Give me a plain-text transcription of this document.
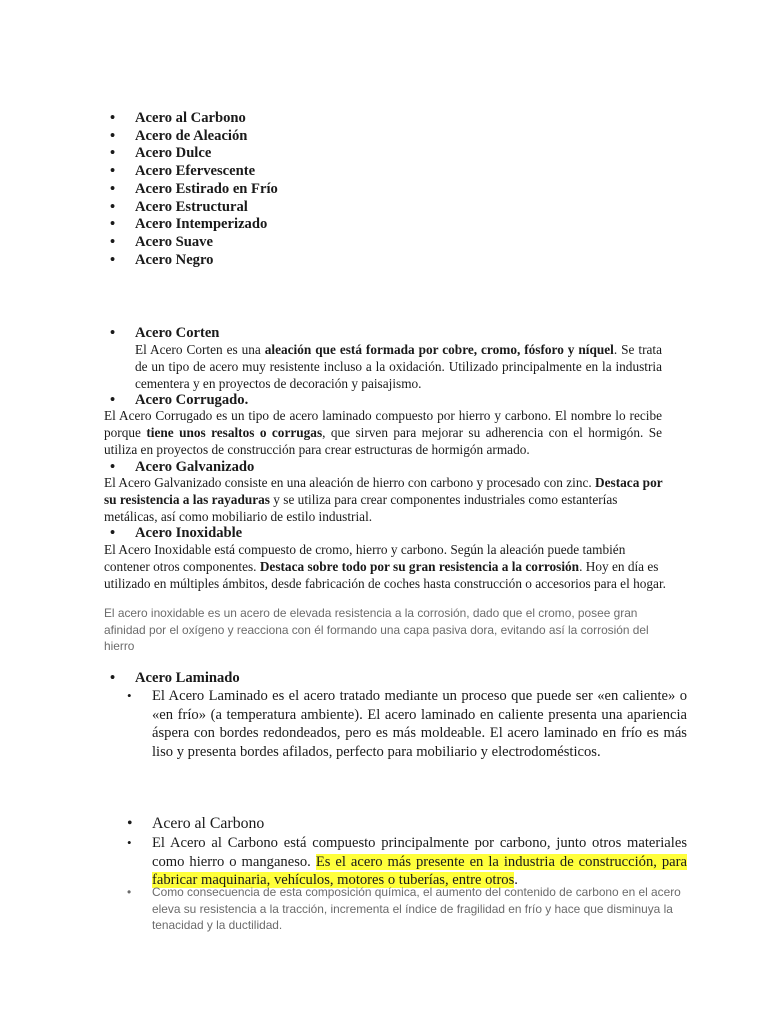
• Acero al Carbono
• Acero de Aleación
• Acero Dulce
• Acero Efervescente
• Acero Estirado en Frío
• Acero Estructural
• Acero Intemperizado
• Acero Suave
• Acero Negro
• Acero Corten

El Acero Corten es una aleación que está formada por cobre, cromo, fósforo y níquel. Se trata de un tipo de acero muy resistente incluso a la oxidación. Utilizado principalmente en la industria cementera y en proyectos de decoración y paisajismo.

• Acero Corrugado.

El Acero Corrugado es un tipo de acero laminado compuesto por hierro y carbono. El nombre lo recibe porque tiene unos resaltos o corrugas, que sirven para mejorar su adherencia con el hormigón. Se utiliza en proyectos de construcción para crear estructuras de hormigón armado.

• Acero Galvanizado

El Acero Galvanizado consiste en una aleación de hierro con carbono y procesado con zinc. Destaca por su resistencia a las rayaduras y se utiliza para crear componentes industriales como estanterías metálicas, así como mobiliario de estilo industrial.

• Acero Inoxidable

El Acero Inoxidable está compuesto de cromo, hierro y carbono. Según la aleación puede también contener otros componentes. Destaca sobre todo por su gran resistencia a la corrosión. Hoy en día es utilizado en múltiples ámbitos, desde fabricación de coches hasta construcción o accesorios para el hogar.

El acero inoxidable es un acero de elevada resistencia a la corrosión, dado que el cromo, posee gran afinidad por el oxígeno y reacciona con él formando una capa pasiva dora, evitando así la corrosión del hierro

• Acero Laminado

• El Acero Laminado es el acero tratado mediante un proceso que puede ser «en caliente» o «en frío» (a temperatura ambiente). El acero laminado en caliente presenta una apariencia áspera con bordes redondeados, pero es más moldeable. El acero laminado en frío es más liso y presenta bordes afilados, perfecto para mobiliario y electrodomésticos.

• Acero al Carbono

• El Acero al Carbono está compuesto principalmente por carbono, junto otros materiales como hierro o manganeso. Es el acero más presente en la industria de construcción, para fabricar maquinaria, vehículos, motores o tuberías, entre otros.

• Como consecuencia de esta composición química, el aumento del contenido de carbono en el acero eleva su resistencia a la tracción, incrementa el índice de fragilidad en frío y hace que disminuya la tenacidad y la ductilidad.
